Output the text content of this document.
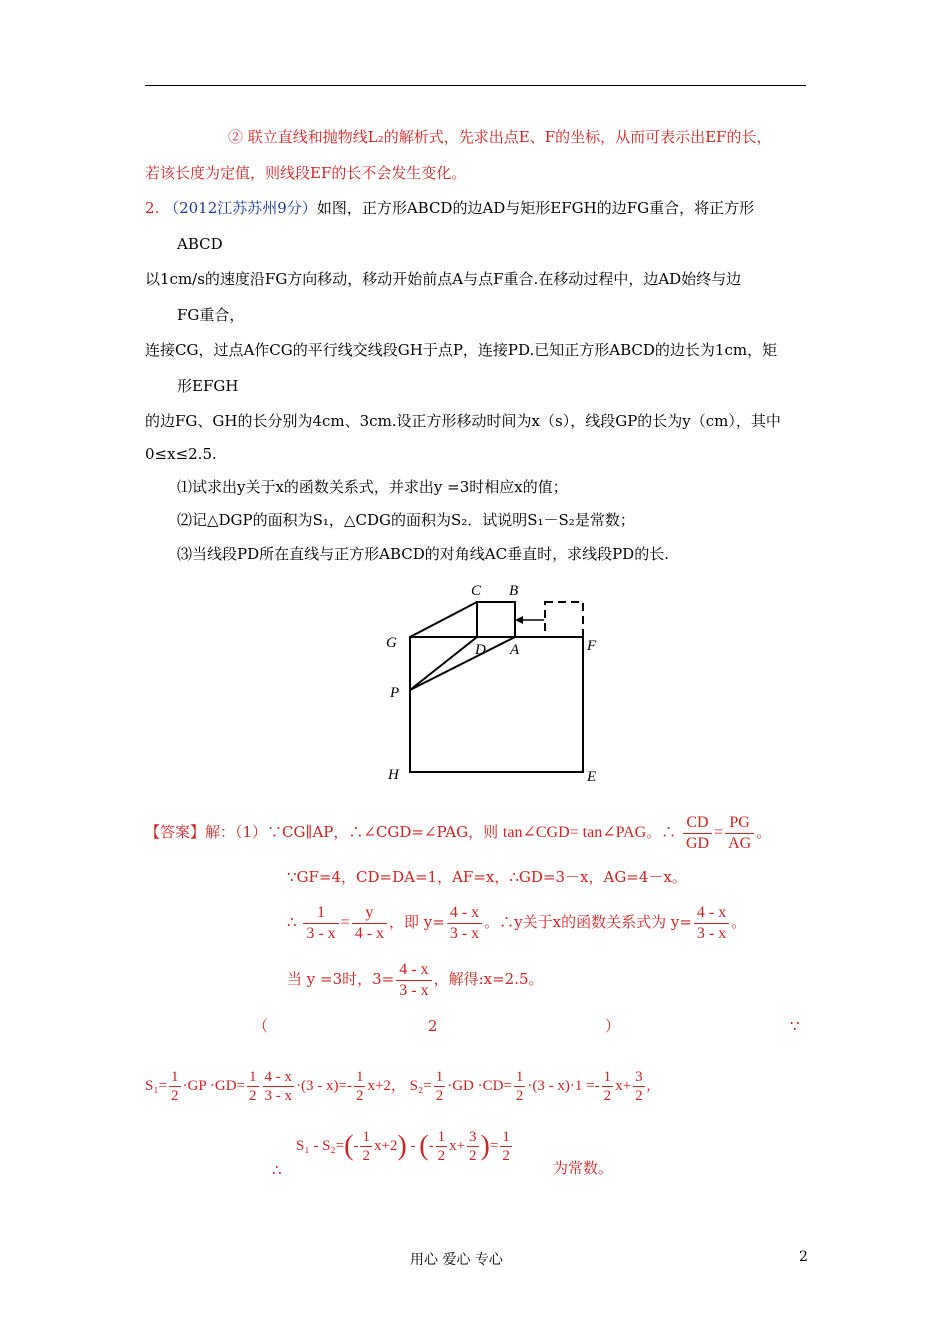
② 联立直线和抛物线L₂的解析式，先求出点E、F的坐标，从而可表示出EF的长，
若该长度为定值，则线段EF的长不会发生变化。
2. （2012江苏苏州9分）如图，正方形ABCD的边AD与矩形EFGH的边FG重合，将正方形
ABCD
以1cm/s的速度沿FG方向移动，移动开始前点A与点F重合.在移动过程中，边AD始终与边
FG重合，
连接CG，过点A作CG的平行线交线段GH于点P，连接PD.已知正方形ABCD的边长为1cm，矩
形EFGH
的边FG、GH的长分别为4cm、3cm.设正方形移动时间为x（s），线段GP的长为y（cm），其中
0≤x≤2.5.
⑴试求出y关于x的函数关系式，并求出y =3时相应x的值；
⑵记△DGP的面积为S₁，△CDG的面积为S₂．试说明S₁－S₂是常数；
⑶当线段PD所在直线与正方形ABCD的对角线AC垂直时，求线段PD的长.
C B
G	D A	F
P
H	E
【答案】解：（1）∵CG∥AP，∴∠CGD=∠PAG，则 tan∠CGD= tan∠PAG。∴ $\frac{CD}{GD} = \frac{PG}{AG}$ 。
∵GF=4，CD=DA=1，AF=x，∴GD=3－x，AG=4－x。
∴ $\frac{1}{3 - x} = \frac{y}{4 - x}$ ，即 $y= \frac{4 - x}{3 - x}$ 。∴y关于x的函数关系式为 $y= \frac{4 - x}{3 - x}$ 。
当 y =3时，$3= \frac{4 - x}{3 - x}$ ，解得:x=2.5。
（	2	）	∵
$S_1= \frac{1}{2} \cdot GP \cdot GD= \frac{1}{2} \frac{4 - x}{3 - x} \cdot(3 - x)=- \frac{1}{2} x+2$， $S_2= \frac{1}{2} \cdot GD \cdot CD= \frac{1}{2} \cdot(3 - x)\cdot 1 =- \frac{1}{2} x+ \frac{3}{2}$ ,
∴
$S_1 - S_2=(- \frac{1}{2} x+2)$ - (- $\frac{1}{2} x+ \frac{3}{2}$ )= $\frac{1}{2}$
为常数。
用心 爱心 专心	2
